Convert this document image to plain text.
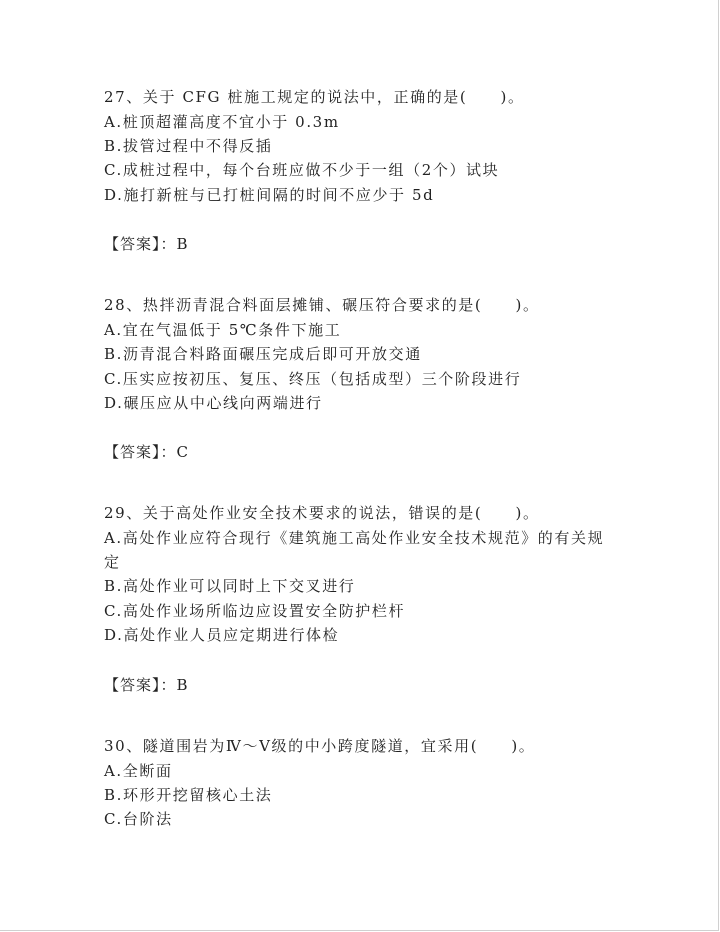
27、关于 CFG 桩施工规定的说法中，正确的是(　　)。
A.桩顶超灌高度不宜小于 0.3m
B.拔管过程中不得反插
C.成桩过程中，每个台班应做不少于一组（2个）试块
D.施打新桩与已打桩间隔的时间不应少于 5d
【答案】：B
28、热拌沥青混合料面层摊铺、碾压符合要求的是(　　)。
A.宜在气温低于 5℃条件下施工
B.沥青混合料路面碾压完成后即可开放交通
C.压实应按初压、复压、终压（包括成型）三个阶段进行
D.碾压应从中心线向两端进行
【答案】：C
29、关于高处作业安全技术要求的说法，错误的是(　　)。
A.高处作业应符合现行《建筑施工高处作业安全技术规范》的有关规
定
B.高处作业可以同时上下交叉进行
C.高处作业场所临边应设置安全防护栏杆
D.高处作业人员应定期进行体检
【答案】：B
30、隧道围岩为Ⅳ～Ⅴ级的中小跨度隧道，宜采用(　　)。
A.全断面
B.环形开挖留核心土法
C.台阶法
